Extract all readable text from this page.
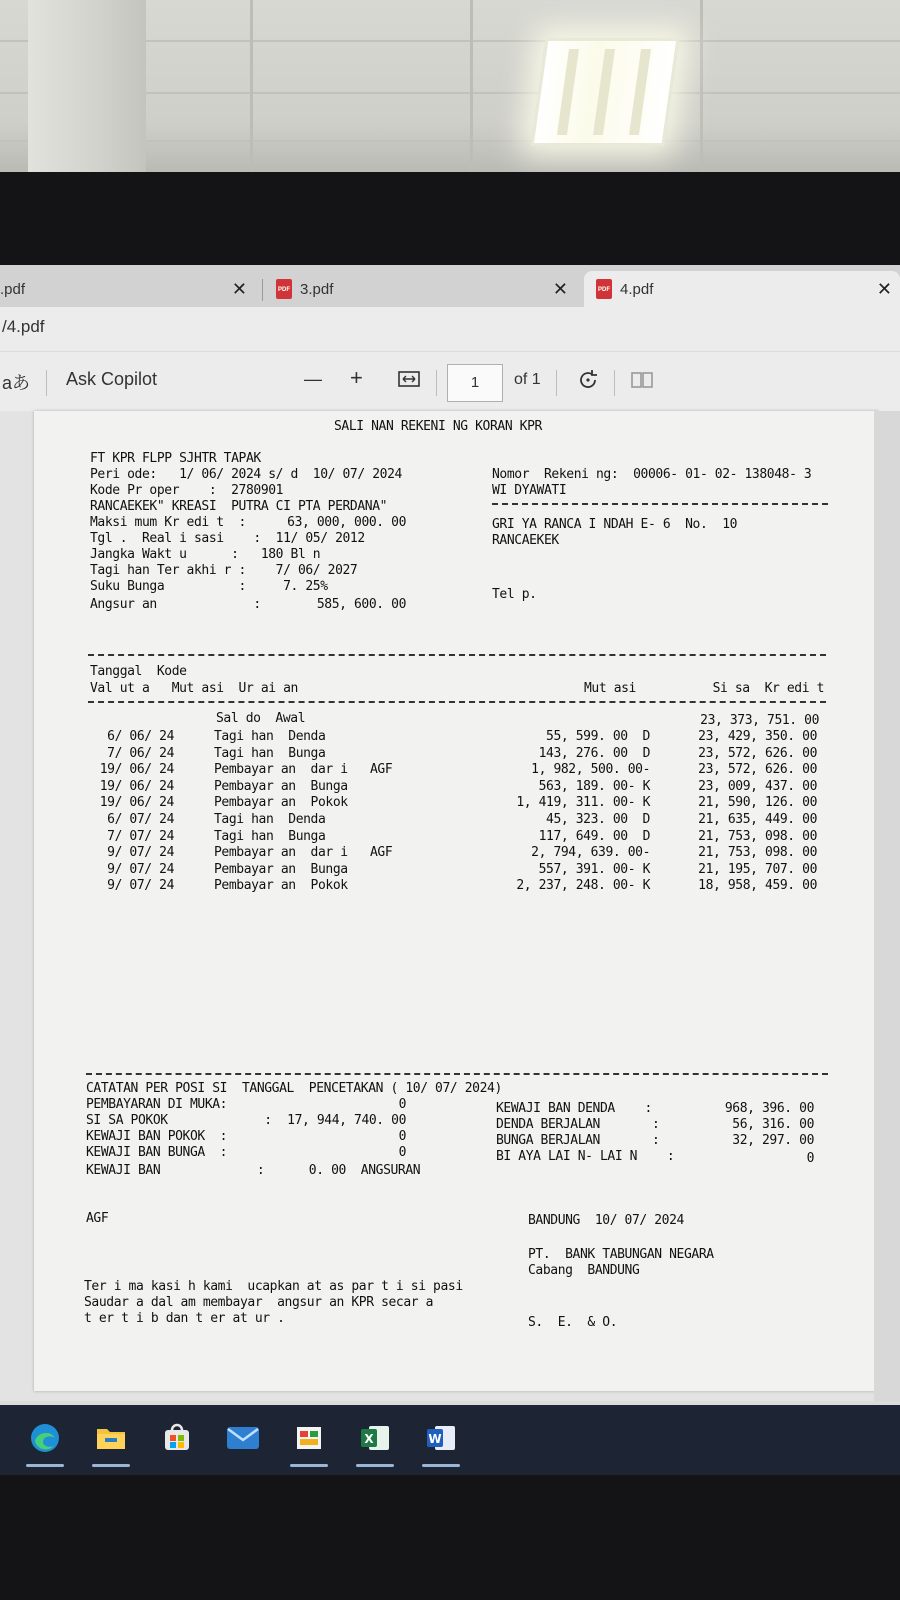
.pdf	✕	PDF 3.pdf	✕	PDF 4.pdf	✕
/4.pdf
aあ Ask Copilot	— +	1	of 1
SALI NAN REKENI NG KORAN KPR
FT KPR FLPP SJHTR TAPAK
Peri ode:   1/ 06/ 2024 s/ d  10/ 07/ 2024
Kode Pr oper    :  2780901
RANCAEKEK" KREASI  PUTRA CI PTA PERDANA"
Maksi mum Kr edi t  :	63, 000, 000. 00
Tgl .  Real i sasi    :  11/ 05/ 2012
Jangka Wakt u      :   180 Bl n
Tagi han Ter akhi r :    7/ 06/ 2027
Suku Bunga          :     7. 25%
Angsur an             :	585, 600. 00
Nomor  Rekeni ng:  00006- 01- 02- 138048- 3
WI DYAWATI
GRI YA RANCA I NDAH E- 6  No.  10
RANCAEKEK
Tel p.
Tanggal  Kode
Val ut a   Mut asi  Ur ai an	Mut asi	Si sa  Kr edi t
Sal do  Awal	23, 373, 751. 00
6/ 06/ 24	Tagi han  Denda	55, 599. 00  D	23, 429, 350. 00
7/ 06/ 24	Tagi han  Bunga	143, 276. 00  D	23, 572, 626. 00
19/ 06/ 24	Pembayar an  dar i   AGF	1, 982, 500. 00-	23, 572, 626. 00
19/ 06/ 24	Pembayar an  Bunga	563, 189. 00- K	23, 009, 437. 00
19/ 06/ 24	Pembayar an  Pokok	1, 419, 311. 00- K	21, 590, 126. 00
6/ 07/ 24	Tagi han  Denda	45, 323. 00  D	21, 635, 449. 00
7/ 07/ 24	Tagi han  Bunga	117, 649. 00  D	21, 753, 098. 00
9/ 07/ 24	Pembayar an  dar i   AGF	2, 794, 639. 00-	21, 753, 098. 00
9/ 07/ 24	Pembayar an  Bunga	557, 391. 00- K	21, 195, 707. 00
9/ 07/ 24	Pembayar an  Pokok	2, 237, 248. 00- K	18, 958, 459. 00
CATATAN PER POSI SI  TANGGAL  PENCETAKAN ( 10/ 07/ 2024)
PEMBAYARAN DI MUKA:	0
SI SA POKOK             :	17, 944, 740. 00
KEWAJI BAN POKOK  :	0
KEWAJI BAN BUNGA  :	0
KEWAJI BAN             :      0. 00  ANGSURAN
KEWAJI BAN DENDA    :	968, 396. 00
DENDA BERJALAN       :	56, 316. 00
BUNGA BERJALAN       :	32, 297. 00
BI AYA LAI N- LAI N    :	0
AGF	BANDUNG  10/ 07/ 2024
PT.  BANK TABUNGAN NEGARA
Cabang  BANDUNG
Ter i ma kasi h kami  ucapkan at as par t i si pasi
Saudar a dal am membayar  angsur an KPR secar a
t er t i b dan t er at ur .	S.  E.  & O.
X	W
